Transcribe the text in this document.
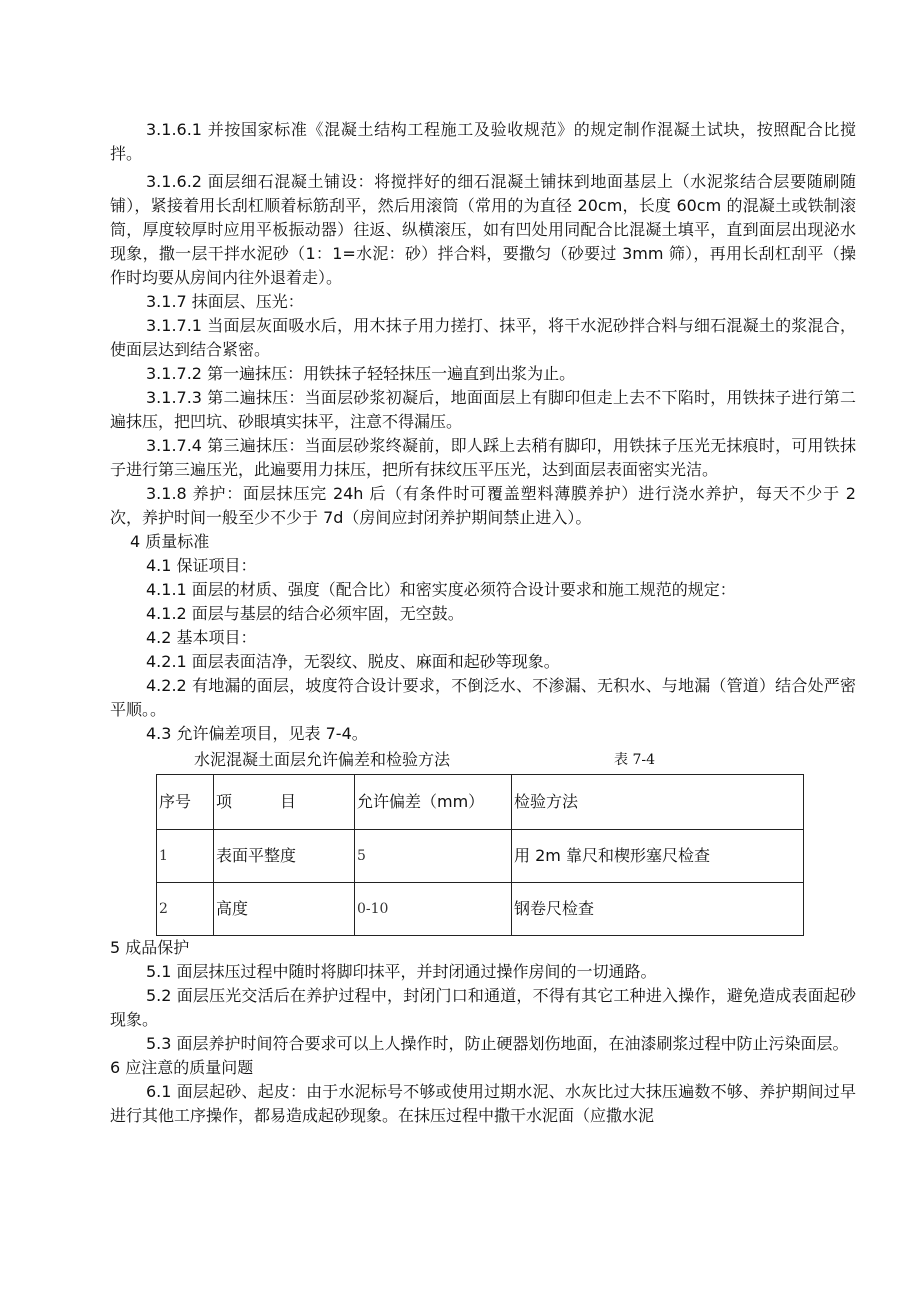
3.1.6.1 并按国家标准《混凝土结构工程施工及验收规范》的规定制作混凝土试块，按照配合比搅拌。

3.1.6.2 面层细石混凝土铺设：将搅拌好的细石混凝土铺抹到地面基层上（水泥浆结合层要随刷随铺），紧接着用长刮杠顺着标筋刮平，然后用滚筒（常用的为直径 20cm，长度 60cm 的混凝土或铁制滚筒，厚度较厚时应用平板振动器）往返、纵横滚压，如有凹处用同配合比混凝土填平，直到面层出现泌水现象，撒一层干拌水泥砂（1：1=水泥：砂）拌合料，要撒匀（砂要过 3mm 筛），再用长刮杠刮平（操作时均要从房间内往外退着走）。

3.1.7 抹面层、压光：

3.1.7.1 当面层灰面吸水后，用木抹子用力搓打、抹平，将干水泥砂拌合料与细石混凝土的浆混合，使面层达到结合紧密。

3.1.7.2 第一遍抹压：用铁抹子轻轻抹压一遍直到出浆为止。

3.1.7.3 第二遍抹压：当面层砂浆初凝后，地面面层上有脚印但走上去不下陷时，用铁抹子进行第二遍抹压，把凹坑、砂眼填实抹平，注意不得漏压。

3.1.7.4 第三遍抹压：当面层砂浆终凝前，即人踩上去稍有脚印，用铁抹子压光无抹痕时，可用铁抹子进行第三遍压光，此遍要用力抹压，把所有抹纹压平压光，达到面层表面密实光洁。

3.1.8 养护：面层抹压完 24h 后（有条件时可覆盖塑料薄膜养护）进行浇水养护，每天不少于 2 次，养护时间一般至少不少于 7d（房间应封闭养护期间禁止进入）。

4 质量标准

4.1 保证项目：

4.1.1 面层的材质、强度（配合比）和密实度必须符合设计要求和施工规范的规定：

4.1.2 面层与基层的结合必须牢固，无空鼓。

4.2 基本项目：

4.2.1 面层表面洁净，无裂纹、脱皮、麻面和起砂等现象。

4.2.2 有地漏的面层，坡度符合设计要求，不倒泛水、不渗漏、无积水、与地漏（管道）结合处严密平顺。。

4.3 允许偏差项目，见表 7-4。

水泥混凝土面层允许偏差和检验方法	表 7-4
序号	项　　　目	允许偏差（mm）	检验方法
1	表面平整度	5	用 2m 靠尺和楔形塞尺检查
2	高度	0-10	钢卷尺检查

5 成品保护

5.1 面层抹压过程中随时将脚印抹平，并封闭通过操作房间的一切通路。

5.2 面层压光交活后在养护过程中，封闭门口和通道，不得有其它工种进入操作，避免造成表面起砂现象。

5.3 面层养护时间符合要求可以上人操作时，防止硬器划伤地面，在油漆刷浆过程中防止污染面层。

6 应注意的质量问题

6.1 面层起砂、起皮：由于水泥标号不够或使用过期水泥、水灰比过大抹压遍数不够、养护期间过早进行其他工序操作，都易造成起砂现象。在抹压过程中撒干水泥面（应撒水泥
